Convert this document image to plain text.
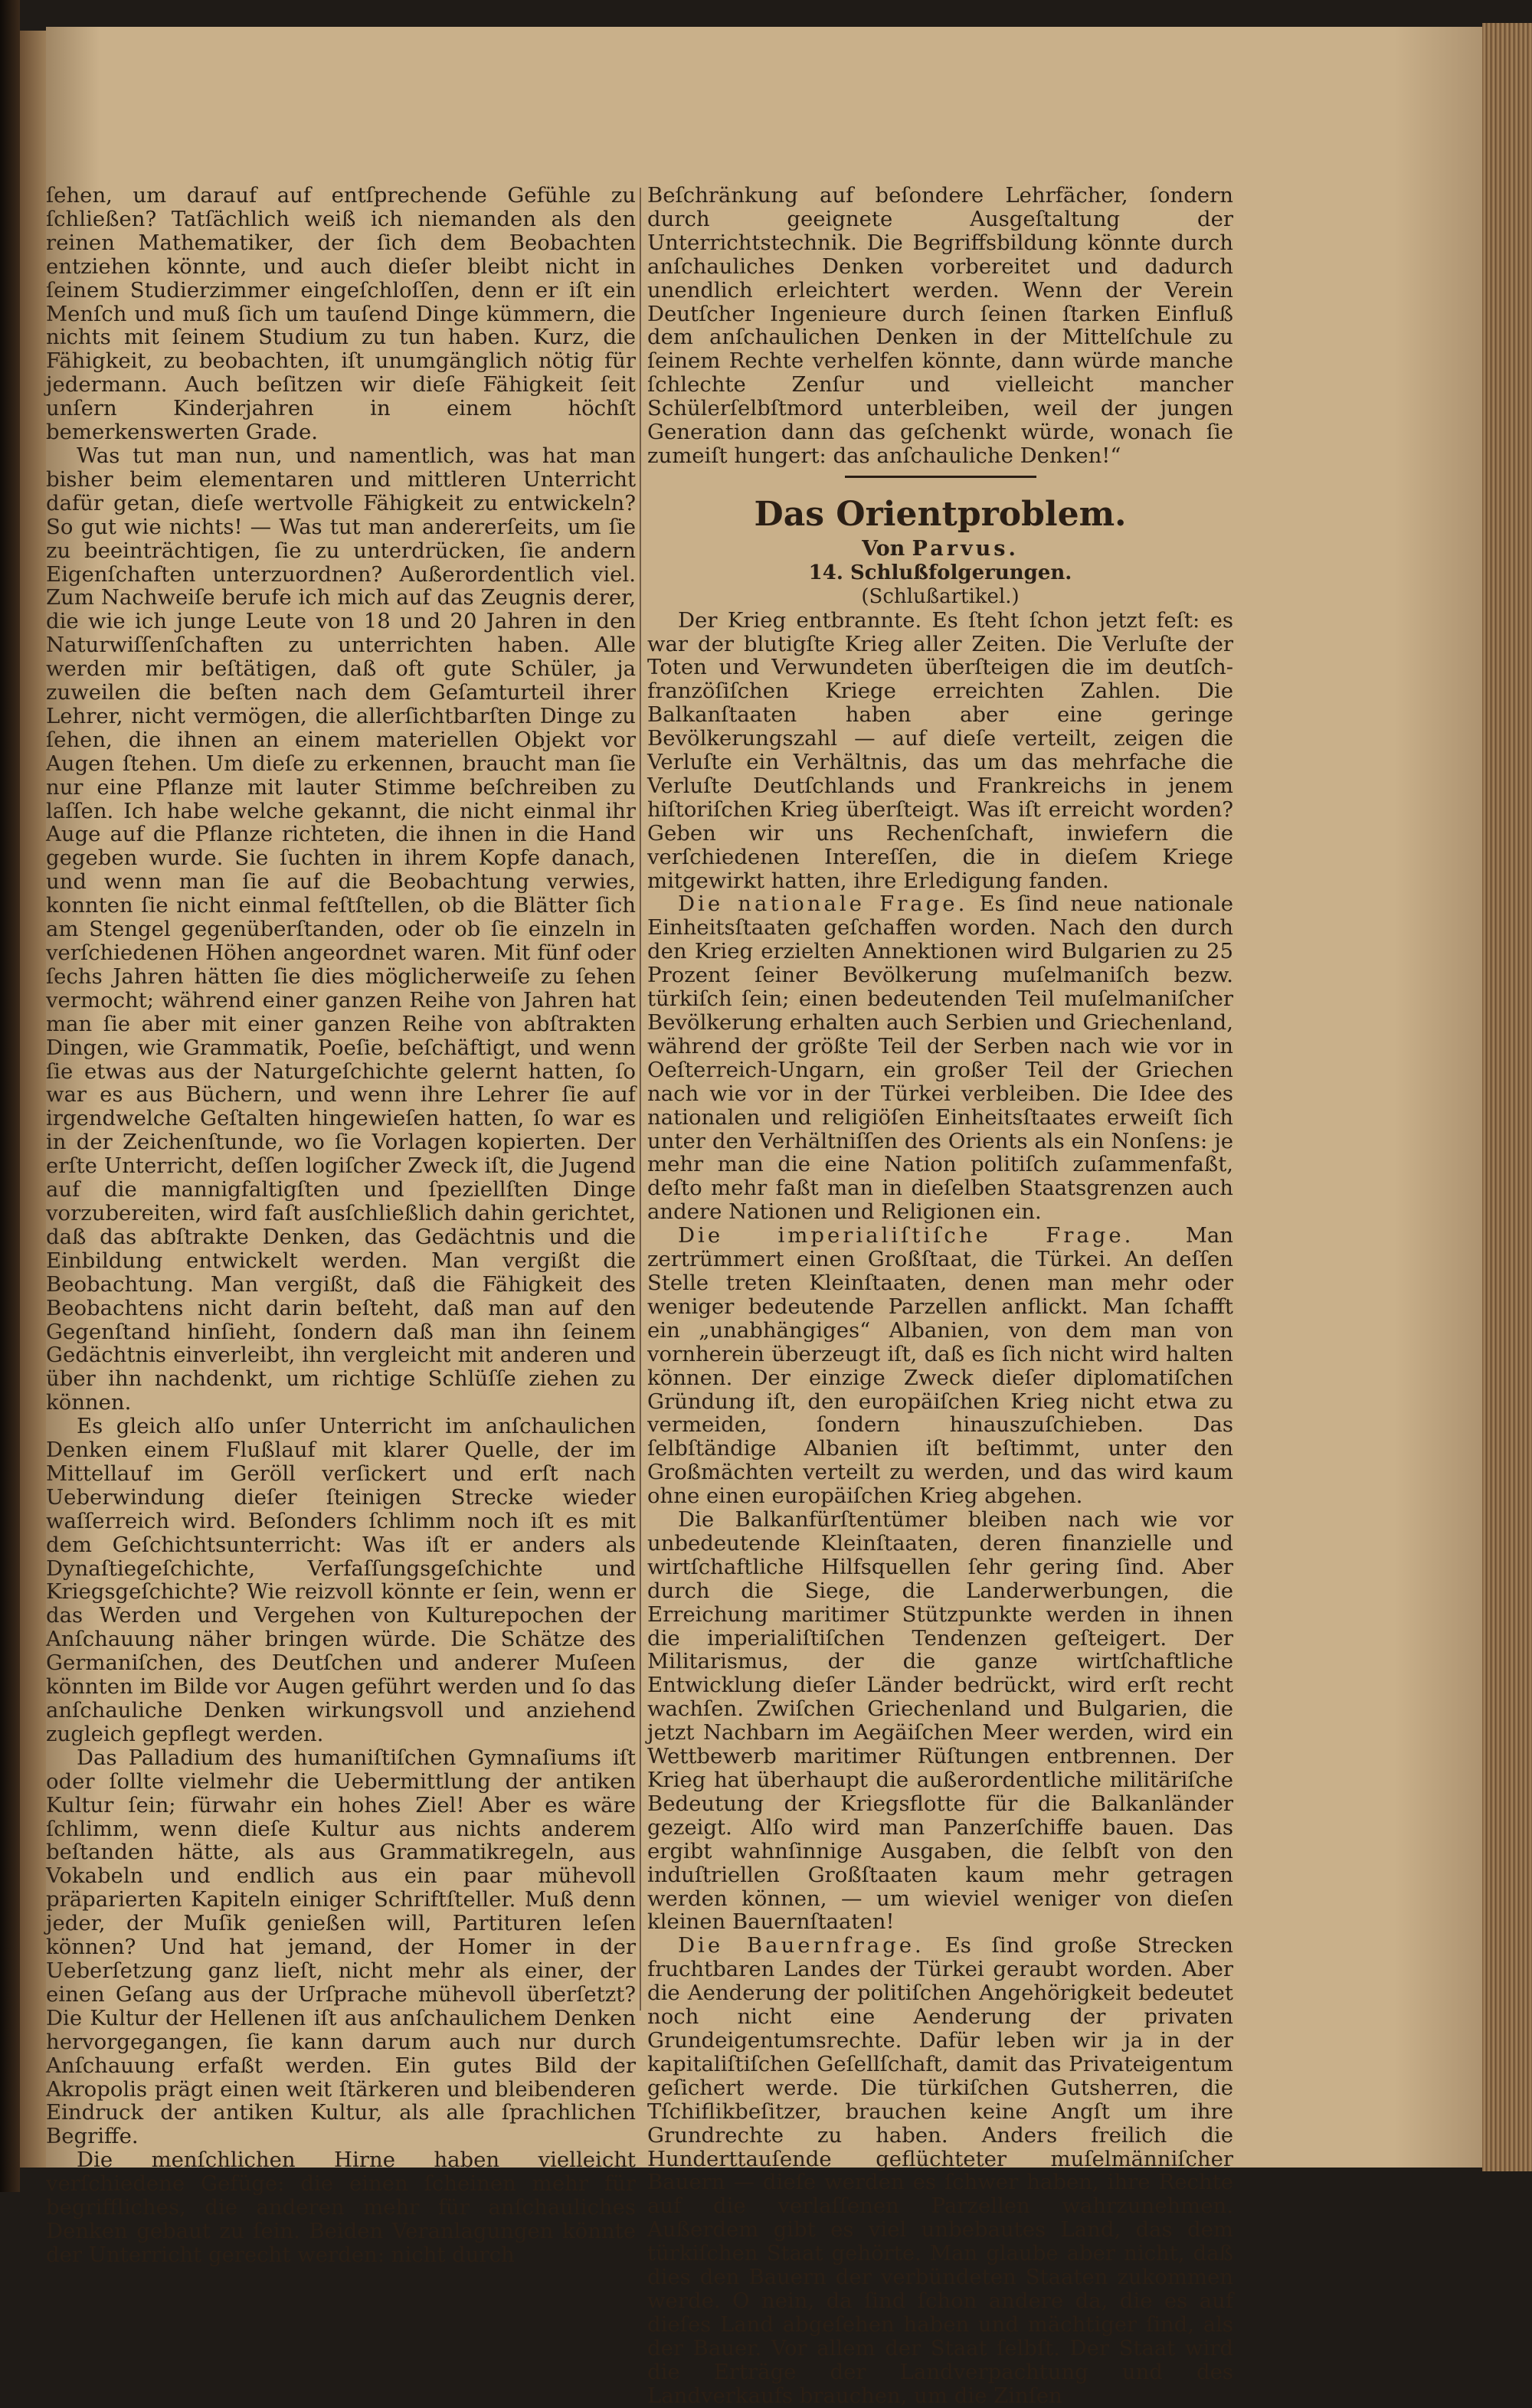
ſehen, um darauf auf entſprechende Gefühle zu ſchließen? Tatſächlich weiß ich niemanden als den reinen Mathematiker, der ſich dem Beobachten entziehen könnte, und auch dieſer bleibt nicht in ſeinem Studierzimmer eingeſchloſſen, denn er iſt ein Menſch und muß ſich um tauſend Dinge kümmern, die nichts mit ſeinem Studium zu tun haben. Kurz, die Fähigkeit, zu beobachten, iſt unumgänglich nötig für jedermann. Auch beſitzen wir dieſe Fähigkeit ſeit unſern Kinderjahren in einem höchſt bemerkenswerten Grade.

Was tut man nun, und namentlich, was hat man bisher beim elementaren und mittleren Unterricht dafür getan, dieſe wertvolle Fähigkeit zu entwickeln? So gut wie nichts! — Was tut man andererſeits, um ſie zu beeinträchtigen, ſie zu unterdrücken, ſie andern Eigenſchaften unterzuordnen? Außerordentlich viel. Zum Nachweiſe berufe ich mich auf das Zeugnis derer, die wie ich junge Leute von 18 und 20 Jahren in den Naturwiſſenſchaften zu unterrichten haben. Alle werden mir beſtätigen, daß oft gute Schüler, ja zuweilen die beſten nach dem Geſamturteil ihrer Lehrer, nicht vermögen, die allerſichtbarſten Dinge zu ſehen, die ihnen an einem materiellen Objekt vor Augen ſtehen. Um dieſe zu erkennen, braucht man ſie nur eine Pflanze mit lauter Stimme beſchreiben zu laſſen. Ich habe welche gekannt, die nicht einmal ihr Auge auf die Pflanze richteten, die ihnen in die Hand gegeben wurde. Sie ſuchten in ihrem Kopfe danach, und wenn man ſie auf die Beobachtung verwies, konnten ſie nicht einmal feſtſtellen, ob die Blätter ſich am Stengel gegenüberſtanden, oder ob ſie einzeln in verſchiedenen Höhen angeordnet waren. Mit fünf oder ſechs Jahren hätten ſie dies möglicherweiſe zu ſehen vermocht; während einer ganzen Reihe von Jahren hat man ſie aber mit einer ganzen Reihe von abſtrakten Dingen, wie Grammatik, Poeſie, beſchäftigt, und wenn ſie etwas aus der Naturgeſchichte gelernt hatten, ſo war es aus Büchern, und wenn ihre Lehrer ſie auf irgendwelche Geſtalten hingewieſen hatten, ſo war es in der Zeichenſtunde, wo ſie Vorlagen kopierten. Der erſte Unterricht, deſſen logiſcher Zweck iſt, die Jugend auf die mannigfaltigſten und ſpeziellſten Dinge vorzubereiten, wird faſt ausſchließlich dahin gerichtet, daß das abſtrakte Denken, das Gedächtnis und die Einbildung entwickelt werden. Man vergißt die Beobachtung. Man vergißt, daß die Fähigkeit des Beobachtens nicht darin beſteht, daß man auf den Gegenſtand hinſieht, ſondern daß man ihn ſeinem Gedächtnis einverleibt, ihn vergleicht mit anderen und über ihn nachdenkt, um richtige Schlüſſe ziehen zu können.

Es gleich alſo unſer Unterricht im anſchaulichen Denken einem Flußlauf mit klarer Quelle, der im Mittellauf im Geröll verſickert und erſt nach Ueberwindung dieſer ſteinigen Strecke wieder waſſerreich wird. Beſonders ſchlimm noch iſt es mit dem Geſchichtsunterricht: Was iſt er anders als Dynaſtiegeſchichte, Verfaſſungsgeſchichte und Kriegsgeſchichte? Wie reizvoll könnte er ſein, wenn er das Werden und Vergehen von Kulturepochen der Anſchauung näher bringen würde. Die Schätze des Germaniſchen, des Deutſchen und anderer Muſeen könnten im Bilde vor Augen geführt werden und ſo das anſchauliche Denken wirkungsvoll und anziehend zugleich gepflegt werden.

Das Palladium des humaniſtiſchen Gymnaſiums iſt oder ſollte vielmehr die Uebermittlung der antiken Kultur ſein; fürwahr ein hohes Ziel! Aber es wäre ſchlimm, wenn dieſe Kultur aus nichts anderem beſtanden hätte, als aus Grammatikregeln, aus Vokabeln und endlich aus ein paar mühevoll präparierten Kapiteln einiger Schriftſteller. Muß denn jeder, der Muſik genießen will, Partituren leſen können? Und hat jemand, der Homer in der Ueberſetzung ganz lieſt, nicht mehr als einer, der einen Geſang aus der Urſprache mühevoll überſetzt? Die Kultur der Hellenen iſt aus anſchaulichem Denken hervorgegangen, ſie kann darum auch nur durch Anſchauung erfaßt werden. Ein gutes Bild der Akropolis prägt einen weit ſtärkeren und bleibenderen Eindruck der antiken Kultur, als alle ſprachlichen Begriffe.

Die menſchlichen Hirne haben vielleicht verſchiedene Gefüge: die einen ſcheinen mehr für begriffliches, die anderen mehr für anſchauliches Denken gebaut zu ſein. Beiden Veranlagungen könnte der Unterricht gerecht werden: nicht durch

Beſchränkung auf beſondere Lehrfächer, ſondern durch geeignete Ausgeſtaltung der Unterrichtstechnik. Die Begriffsbildung könnte durch anſchauliches Denken vorbereitet und dadurch unendlich erleichtert werden. Wenn der Verein Deutſcher Ingenieure durch ſeinen ſtarken Einfluß dem anſchaulichen Denken in der Mittelſchule zu ſeinem Rechte verhelfen könnte, dann würde manche ſchlechte Zenſur und vielleicht mancher Schülerſelbſtmord unterbleiben, weil der jungen Generation dann das geſchenkt würde, wonach ſie zumeiſt hungert: das anſchauliche Denken!“

Das Orientproblem.

Von Parvus.

14. Schlußfolgerungen.

(Schlußartikel.)

Der Krieg entbrannte. Es ſteht ſchon jetzt feſt: es war der blutigſte Krieg aller Zeiten. Die Verluſte der Toten und Verwundeten überſteigen die im deutſch-franzöſiſchen Kriege erreichten Zahlen. Die Balkanſtaaten haben aber eine geringe Bevölkerungszahl — auf dieſe verteilt, zeigen die Verluſte ein Verhältnis, das um das mehrfache die Verluſte Deutſchlands und Frankreichs in jenem hiſtoriſchen Krieg überſteigt. Was iſt erreicht worden? Geben wir uns Rechenſchaft, inwiefern die verſchiedenen Intereſſen, die in dieſem Kriege mitgewirkt hatten, ihre Erledigung fanden.

Die nationale Frage. Es ſind neue nationale Einheitsſtaaten geſchaffen worden. Nach den durch den Krieg erzielten Annektionen wird Bulgarien zu 25 Prozent ſeiner Bevölkerung muſelmaniſch bezw. türkiſch ſein; einen bedeutenden Teil muſelmaniſcher Bevölkerung erhalten auch Serbien und Griechenland, während der größte Teil der Serben nach wie vor in Oeſterreich-Ungarn, ein großer Teil der Griechen nach wie vor in der Türkei verbleiben. Die Idee des nationalen und religiöſen Einheitsſtaates erweiſt ſich unter den Verhältniſſen des Orients als ein Nonſens: je mehr man die eine Nation politiſch zuſammenfaßt, deſto mehr faßt man in dieſelben Staatsgrenzen auch andere Nationen und Religionen ein.

Die imperialiſtiſche Frage. Man zertrümmert einen Großſtaat, die Türkei. An deſſen Stelle treten Kleinſtaaten, denen man mehr oder weniger bedeutende Parzellen anflickt. Man ſchafft ein „unabhängiges“ Albanien, von dem man von vornherein überzeugt iſt, daß es ſich nicht wird halten können. Der einzige Zweck dieſer diplomatiſchen Gründung iſt, den europäiſchen Krieg nicht etwa zu vermeiden, ſondern hinauszuſchieben. Das ſelbſtändige Albanien iſt beſtimmt, unter den Großmächten verteilt zu werden, und das wird kaum ohne einen europäiſchen Krieg abgehen.

Die Balkanfürſtentümer bleiben nach wie vor unbedeutende Kleinſtaaten, deren finanzielle und wirtſchaftliche Hilfsquellen ſehr gering ſind. Aber durch die Siege, die Landerwerbungen, die Erreichung maritimer Stützpunkte werden in ihnen die imperialiſtiſchen Tendenzen geſteigert. Der Militarismus, der die ganze wirtſchaftliche Entwicklung dieſer Länder bedrückt, wird erſt recht wachſen. Zwiſchen Griechenland und Bulgarien, die jetzt Nachbarn im Aegäiſchen Meer werden, wird ein Wettbewerb maritimer Rüſtungen entbrennen. Der Krieg hat überhaupt die außerordentliche militäriſche Bedeutung der Kriegsflotte für die Balkanländer gezeigt. Alſo wird man Panzerſchiffe bauen. Das ergibt wahnſinnige Ausgaben, die ſelbſt von den induſtriellen Großſtaaten kaum mehr getragen werden können, — um wieviel weniger von dieſen kleinen Bauernſtaaten!

Die Bauernfrage. Es ſind große Strecken fruchtbaren Landes der Türkei geraubt worden. Aber die Aenderung der politiſchen Angehörigkeit bedeutet noch nicht eine Aenderung der privaten Grundeigentumsrechte. Dafür leben wir ja in der kapitaliſtiſchen Geſellſchaft, damit das Privateigentum geſichert werde. Die türkiſchen Gutsherren, die Tſchiflikbeſitzer, brauchen keine Angſt um ihre Grundrechte zu haben. Anders freilich die Hunderttauſende geflüchteter muſelmänniſcher Bauern — dieſe werden es ſchwer haben, ihre Rechte auf die verlaſſenen Parzellen wahrzunehmen. Außerdem gibt es viel unbebautes Land, das dem türkiſchen Staat gehörte. Man glaube aber nicht, daß dies den Bauern der verbündeten Staaten zukommen werde. O nein, da ſind ſchon andere da, die es auf dieſes Land abgeſehen haben und mächtiger ſind, als der Bauer. Vor allem der Staat ſelbſt. Der Staat wird die Erträge der Landverpachtung und des Landverkaufs brauchen, um die Zinſen
